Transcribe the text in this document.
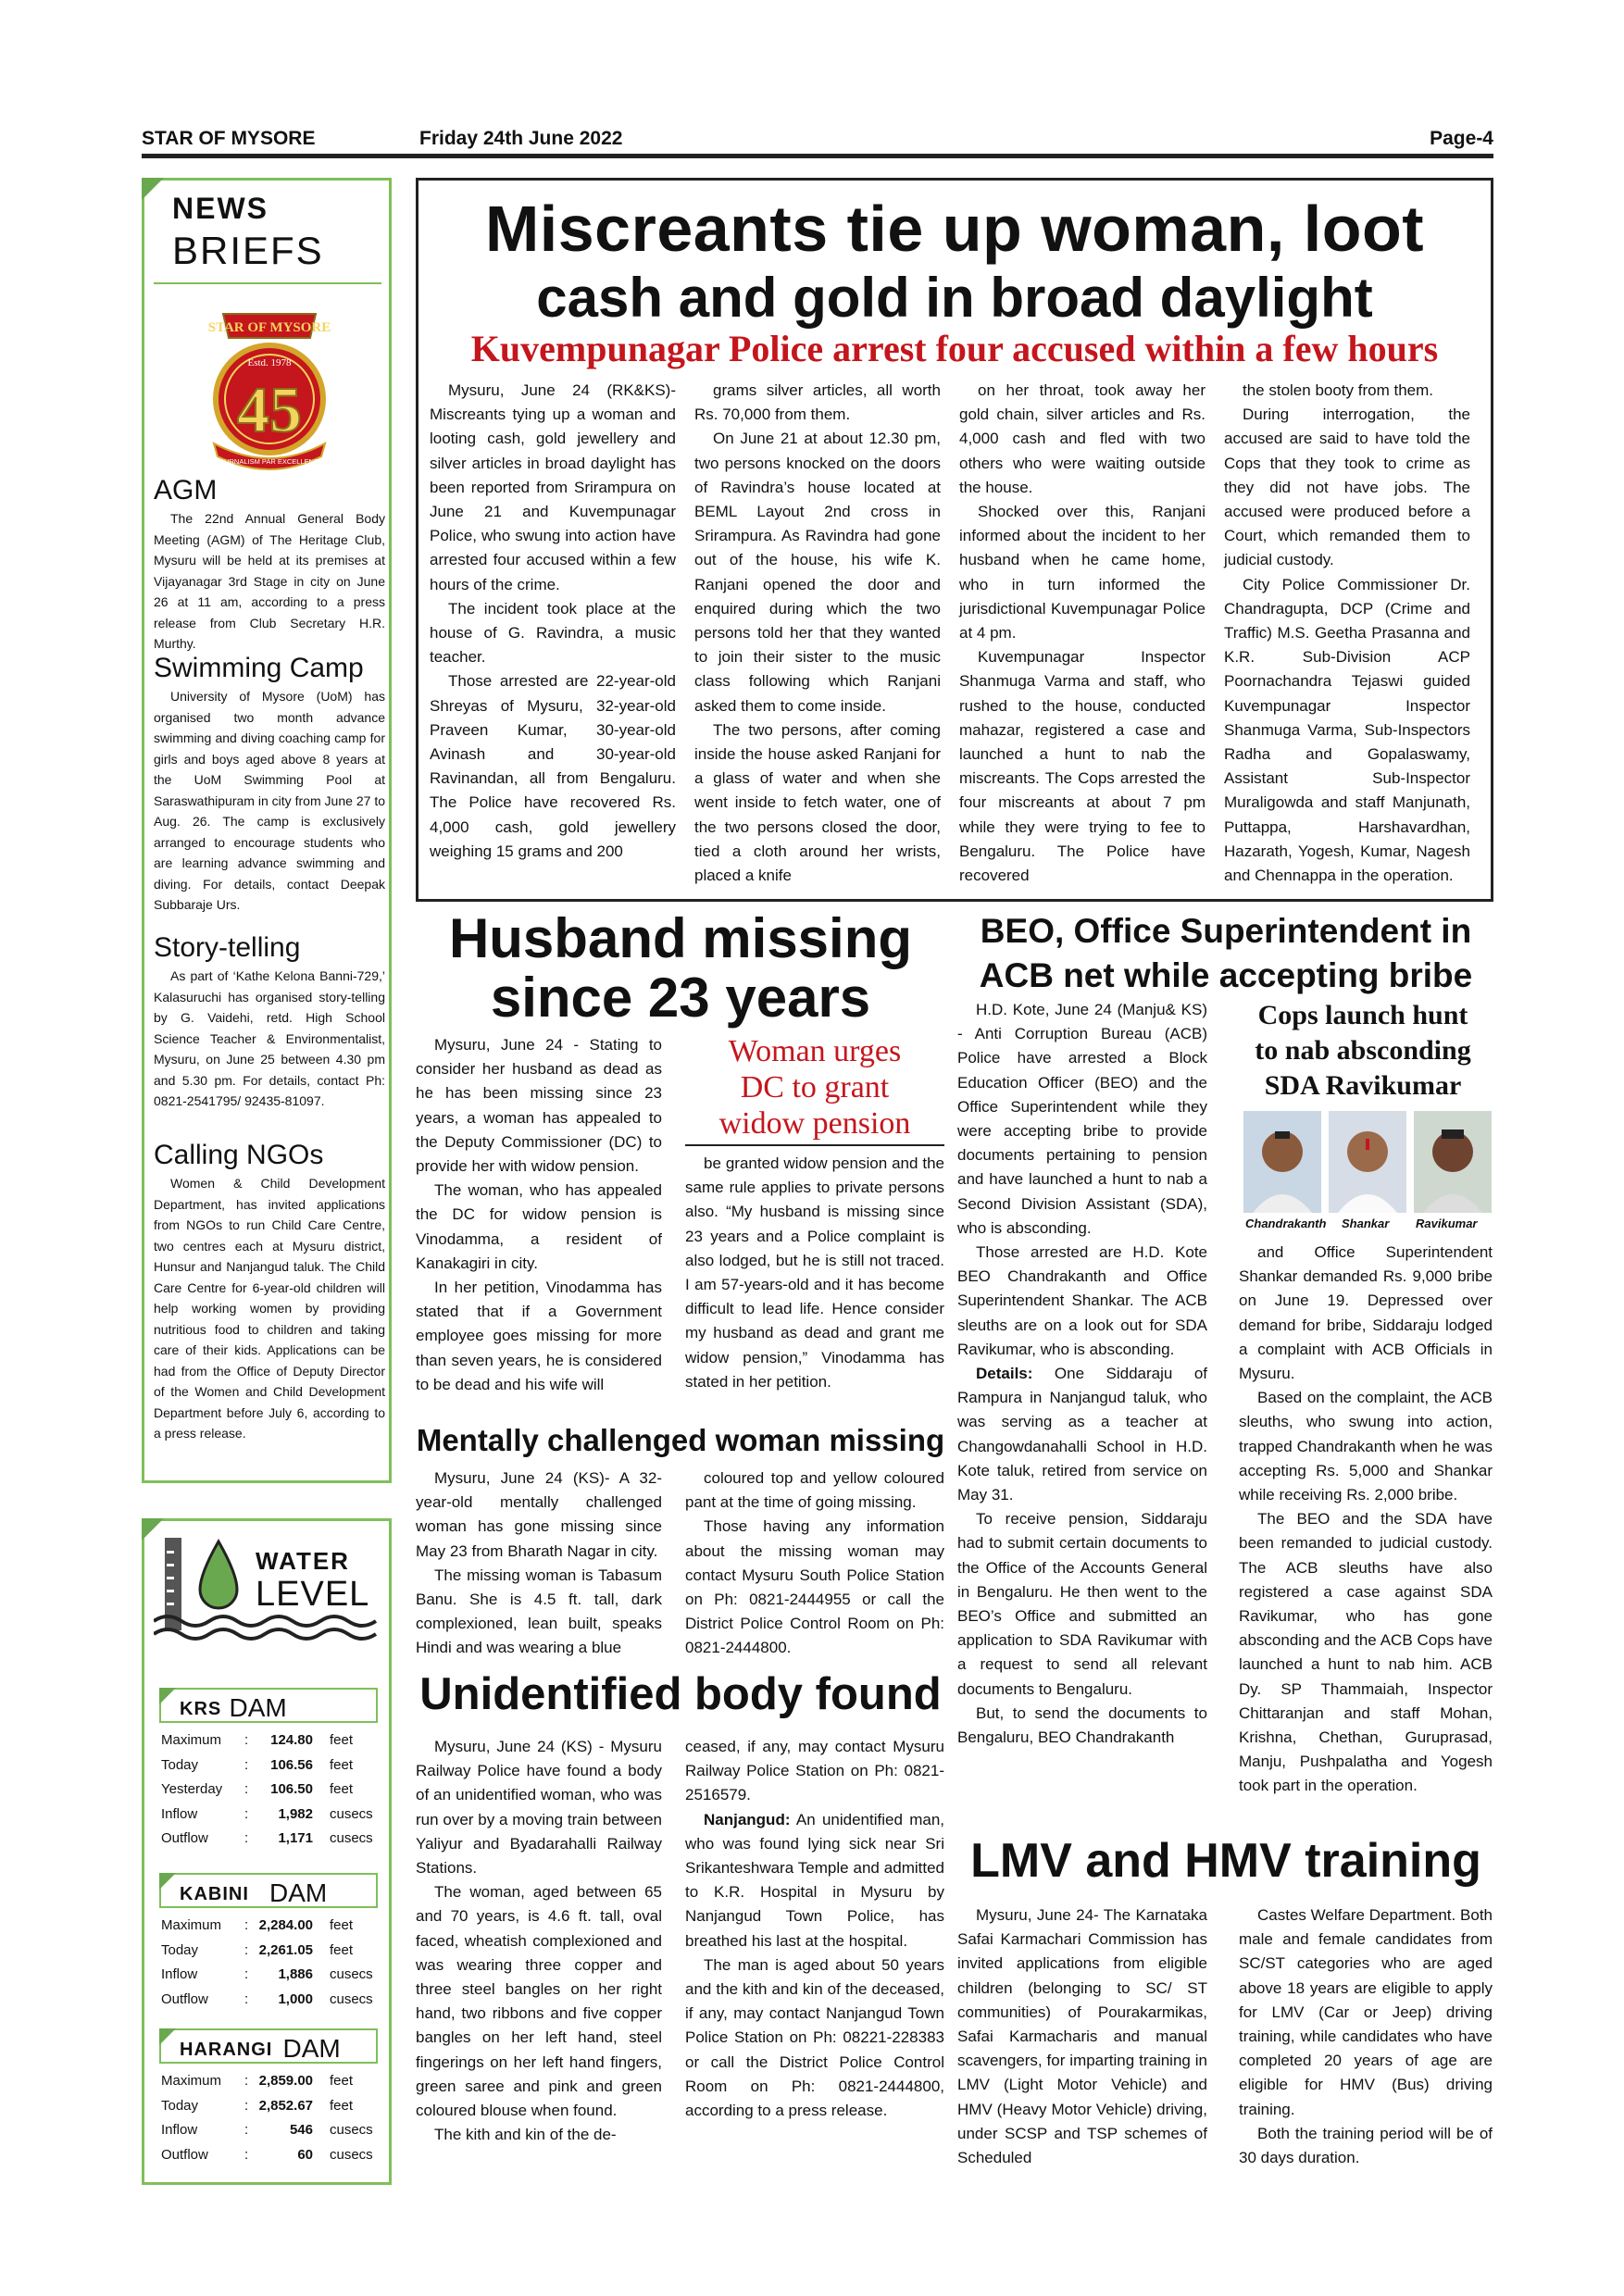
STAR OF MYSORE	Friday 24th June 2022	Page-4
NEWS
BRIEFS
STAR OF MYSORE
Estd. 1978
45
JOURNALISM PAR EXCELLENCE
AGM

The 22nd Annual General Body Meeting (AGM) of The Heritage Club, Mysuru will be held at its premises at Vijayanagar 3rd Stage in city on June 26 at 11 am, according to a press release from Club Secretary H.R. Murthy.

Swimming Camp

University of Mysore (UoM) has organised two month advance swimming and diving coaching camp for girls and boys aged above 8 years at the UoM Swimming Pool at Saraswathipuram in city from June 27 to Aug. 26. The camp is exclusively arranged to encourage students who are learning advance swimming and diving. For details, contact Deepak Subbaraje Urs.

Story-telling

As part of ‘Kathe Kelona Banni-729,’ Kalasuruchi has organised story-telling by G. Vaidehi, retd. High School Science Teacher & Environmentalist, Mysuru, on June 25 between 4.30 pm and 5.30 pm. For details, contact Ph: 0821-2541795/ 92435-81097.

Calling NGOs

Women & Child Development Department, has invited applications from NGOs to run Child Care Centre, two centres each at Mysuru district, Hunsur and Nanjangud taluk. The Child Care Centre for 6-year-old children will help working women by providing nutritious food to children and taking care of their kids. Applications can be had from the Office of Deputy Director of the Women and Child Development Department before July 6, according to a press release.

WATER
LEVEL
KRS DAM
Maximum : 124.80 feet
Today	: 106.56 feet
Yesterday : 106.50 feet
Inflow	: 1,982 cusecs
Outflow	: 1,171 cusecs
KABINI DAM
Maximum : 2,284.00 feet
Today	: 2,261.05 feet
Inflow	: 1,886 cusecs
Outflow	: 1,000 cusecs
HARANGI DAM
Maximum : 2,859.00 feet
Today	: 2,852.67 feet
Inflow	:	546 cusecs
Outflow	:	60 cusecs
Miscreants tie up woman, loot
cash and gold in broad daylight
Kuvempunagar Police arrest four accused within a few hours

Mysuru, June 24 (RK&KS)- Miscreants tying up a woman and looting cash, gold jewellery and silver articles in broad daylight has been reported from Srirampura on June 21 and Kuvempunagar Police, who swung into action have arrested four accused within a few hours of the crime.

The incident took place at the house of G. Ravindra, a music teacher.

Those arrested are 22-year-old Shreyas of Mysuru, 32-year-old Praveen Kumar, 30-year-old Avinash and 30-year-old Ravinandan, all from Bengaluru. The Police have recovered Rs. 4,000 cash, gold jewellery weighing 15 grams and 200

grams silver articles, all worth Rs. 70,000 from them.

On June 21 at about 12.30 pm, two persons knocked on the doors of Ravindra’s house located at BEML Layout 2nd cross in Srirampura. As Ravindra had gone out of the house, his wife K. Ranjani opened the door and enquired during which the two persons told her that they wanted to join their sister to the music class following which Ranjani asked them to come inside.

The two persons, after coming inside the house asked Ranjani for a glass of water and when she went inside to fetch water, one of the two persons closed the door, tied a cloth around her wrists, placed a knife

on her throat, took away her gold chain, silver articles and Rs. 4,000 cash and fled with two others who were waiting outside the house.

Shocked over this, Ranjani informed about the incident to her husband when he came home, who in turn informed the jurisdictional Kuvempunagar Police at 4 pm.

Kuvempunagar Inspector Shanmuga Varma and staff, who rushed to the house, conducted mahazar, registered a case and launched a hunt to nab the miscreants. The Cops arrested the four miscreants at about 7 pm while they were trying to fee to Bengaluru. The Police have recovered

the stolen booty from them.

During interrogation, the accused are said to have told the Cops that they took to crime as they did not have jobs. The accused were produced before a Court, which remanded them to judicial custody.

City Police Commissioner Dr. Chandragupta, DCP (Crime and Traffic) M.S. Geetha Prasanna and K.R. Sub-Division ACP Poornachandra Tejaswi guided Kuvempunagar Inspector Shanmuga Varma, Sub-Inspectors Radha and Gopalaswamy, Assistant Sub-Inspector Muraligowda and staff Manjunath, Puttappa, Harshavardhan, Hazarath, Yogesh, Kumar, Nagesh and Chennappa in the operation.

Husband missing
since 23 years

Mysuru, June 24 - Stating to consider her husband as dead as he has been missing since 23 years, a woman has appealed to the Deputy Commissioner (DC) to provide her with widow pension.

The woman, who has appealed the DC for widow pension is Vinodamma, a resident of Kanakagiri in city.

In her petition, Vinodamma has stated that if a Government employee goes missing for more than seven years, he is considered to be dead and his wife will

Woman urges
DC to grant
widow pension

be granted widow pension and the same rule applies to private persons also. “My husband is missing since 23 years and a Police complaint is also lodged, but he is still not traced. I am 57-years-old and it has become difficult to lead life. Hence consider my husband as dead and grant me widow pension,” Vinodamma has stated in her petition.

Mentally challenged woman missing

Mysuru, June 24 (KS)- A 32-year-old mentally challenged woman has gone missing since May 23 from Bharath Nagar in city.

The missing woman is Tabasum Banu. She is 4.5 ft. tall, dark complexioned, lean built, speaks Hindi and was wearing a blue

coloured top and yellow coloured pant at the time of going missing.

Those having any information about the missing woman may contact Mysuru South Police Station on Ph: 0821-2444955 or call the District Police Control Room on Ph: 0821-2444800.

Unidentified body found

Mysuru, June 24 (KS) - Mysuru Railway Police have found a body of an unidentified woman, who was run over by a moving train between Yaliyur and Byadarahalli Railway Stations.

The woman, aged between 65 and 70 years, is 4.6 ft. tall, oval faced, wheatish complexioned and was wearing three copper and three steel bangles on her right hand, two ribbons and five copper bangles on her left hand, steel fingerings on her left hand fingers, green saree and pink and green coloured blouse when found.

The kith and kin of the de-

ceased, if any, may contact Mysuru Railway Police Station on Ph: 0821-2516579.

Nanjangud: An unidentified man, who was found lying sick near Sri Srikanteshwara Temple and admitted to K.R. Hospital in Mysuru by Nanjangud Town Police, has breathed his last at the hospital.

The man is aged about 50 years and the kith and kin of the deceased, if any, may contact Nanjangud Town Police Station on Ph: 08221-228383 or call the District Police Control Room on Ph: 0821-2444800, according to a press release.

BEO, Office Superintendent in
ACB net while accepting bribe

H.D. Kote, June 24 (Manju& KS) - Anti Corruption Bureau (ACB) Police have arrested a Block Education Officer (BEO) and the Office Superintendent while they were accepting bribe to provide documents pertaining to pension and have launched a hunt to nab a Second Division Assistant (SDA), who is absconding.

Those arrested are H.D. Kote BEO Chandrakanth and Office Superintendent Shankar. The ACB sleuths are on a look out for SDA Ravikumar, who is absconding.

Details: One Siddaraju of Rampura in Nanjangud taluk, who was serving as a teacher at Changowdanahalli School in H.D. Kote taluk, retired from service on May 31.

To receive pension, Siddaraju had to submit certain documents to the Office of the Accounts General in Bengaluru. He then went to the BEO’s Office and submitted an application to SDA Ravikumar with a request to send all relevant documents to Bengaluru.

But, to send the documents to Bengaluru, BEO Chandrakanth

Cops launch hunt
to nab absconding
SDA Ravikumar
Chandrakanth Shankar Ravikumar

and Office Superintendent Shankar demanded Rs. 9,000 bribe on June 19. Depressed over demand for bribe, Siddaraju lodged a complaint with ACB Officials in Mysuru.

Based on the complaint, the ACB sleuths, who swung into action, trapped Chandrakanth when he was accepting Rs. 5,000 and Shankar while receiving Rs. 2,000 bribe.

The BEO and the SDA have been remanded to judicial custody. The ACB sleuths have also registered a case against SDA Ravikumar, who has gone absconding and the ACB Cops have launched a hunt to nab him. ACB Dy. SP Thammaiah, Inspector Chittaranjan and staff Mohan, Krishna, Chethan, Guruprasad, Manju, Pushpalatha and Yogesh took part in the operation.

LMV and HMV training

Mysuru, June 24- The Karnataka Safai Karmachari Commission has invited applications from eligible children (belonging to SC/ ST communities) of Pourakarmikas, Safai Karmacharis and manual scavengers, for imparting training in LMV (Light Motor Vehicle) and HMV (Heavy Motor Vehicle) driving, under SCSP and TSP schemes of Scheduled

Castes Welfare Department. Both male and female candidates from SC/ST categories who are aged above 18 years are eligible to apply for LMV (Car or Jeep) driving training, while candidates who have completed 20 years of age are eligible for HMV (Bus) driving training.

Both the training period will be of 30 days duration.
